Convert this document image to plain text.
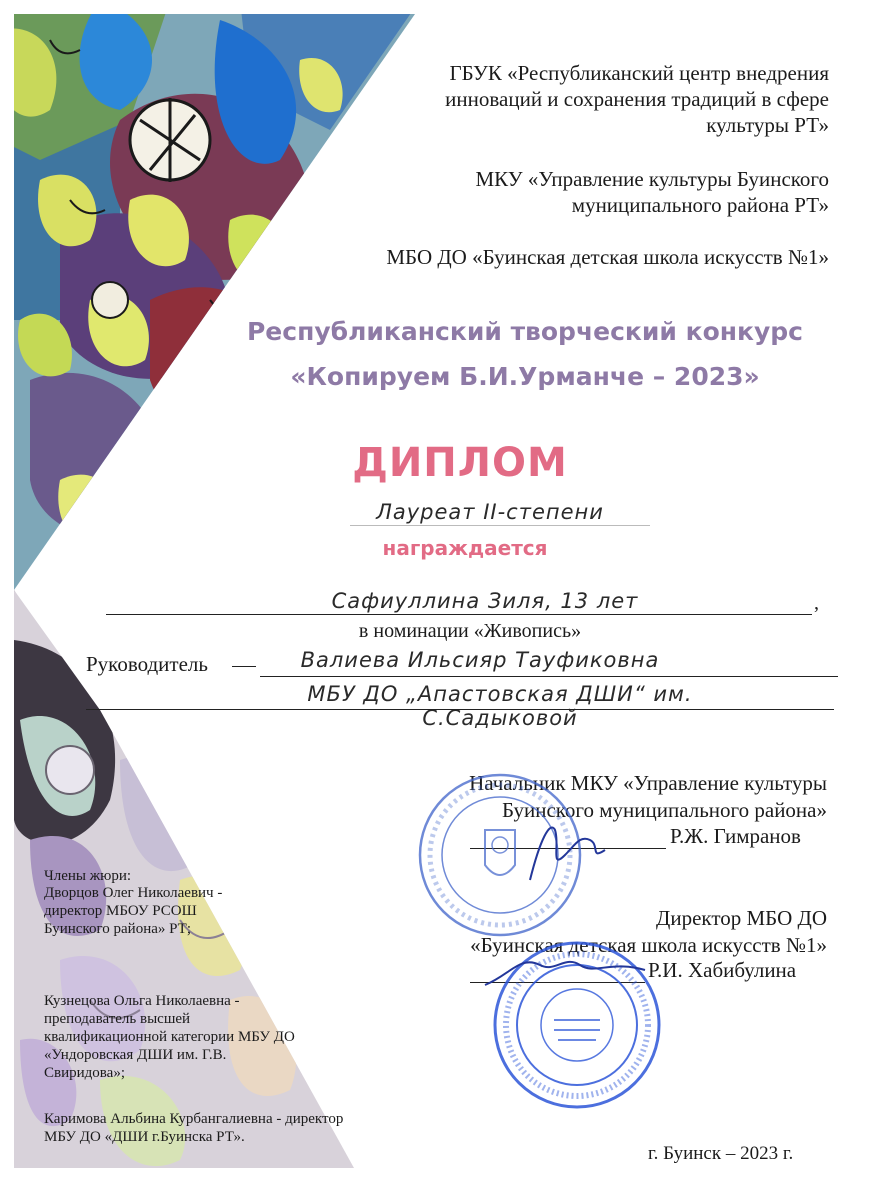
ГБУК «Республиканский центр внедрения инноваций и сохранения традиций в сфере культуры РТ»
МКУ «Управление культуры Буинского муниципального района РТ»
МБО ДО «Буинская детская школа искусств №1»
Республиканский творческий конкурс
«Копируем Б.И.Урманче – 2023»
ДИПЛОМ
Лауреат II-степени
награждается
Сафиуллина Зиля, 13 лет	,
в номинации «Живопись»
Руководитель	Валиева Ильсияр Тауфиковна
МБУ ДО „Апастовская ДШИ“ им. С.Садыковой
Начальник МКУ «Управление культуры
Буинского муниципального района»
Р.Ж. Гимранов
Директор МБО ДО
«Буинская детская школа искусств №1»
Р.И. Хабибулина
Члены жюри:
Дворцов Олег Николаевич - директор МБОУ РСОШ Буинского района» РТ;
Кузнецова Ольга Николаевна - преподаватель высшей квалификационной категории МБУ ДО «Ундоровская ДШИ им. Г.В. Свиридова»;
Каримова Альбина Курбангалиевна - директор МБУ ДО «ДШИ г.Буинска РТ».
г. Буинск – 2023 г.
